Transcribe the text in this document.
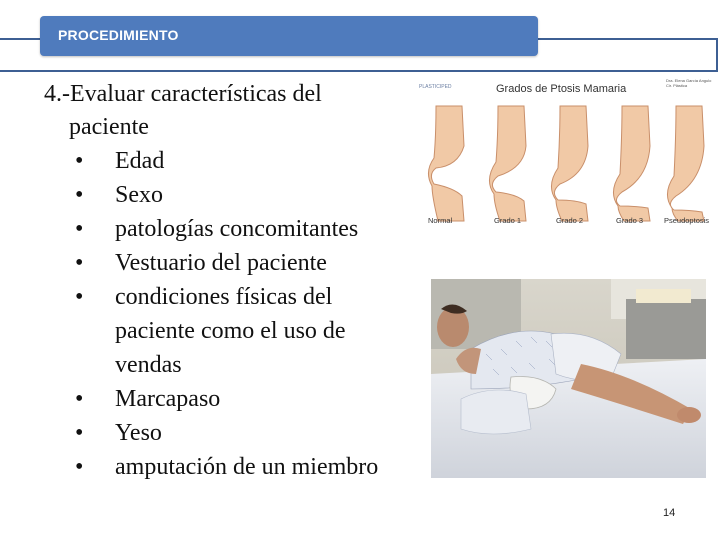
PROCEDIMIENTO

4.-Evaluar características del
paciente

• Edad
• Sexo
• patologías concomitantes
• Vestuario del paciente
• condiciones físicas del
paciente como el uso de
vendas
• Marcapaso
• Yeso
• amputación de un miembro
PLASTICIPED	Grados de Ptosis Mamaria
Dra. Elena García Angulo Cir. Plástica
Normal	Grado 1	Grado 2	Grado 3	Pseudoptosis
14
